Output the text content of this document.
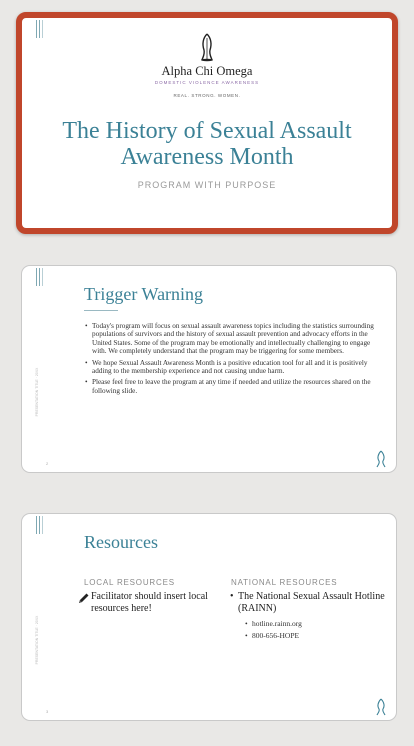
Alpha Chi Omega
DOMESTIC VIOLENCE AWARENESS
REAL. STRONG. WOMEN.
The History of Sexual Assault Awareness Month
PROGRAM WITH PURPOSE
PRESENTATION TITLE · 20XX
Trigger Warning
• Today's program will focus on sexual assault awareness topics including the statistics surrounding populations of survivors and the history of sexual assault prevention and advocacy efforts in the United States. Some of the program may be emotionally and intellectually challenging to engage with. We completely understand that the program may be triggering for some members.
• We hope Sexual Assault Awareness Month is a positive education tool for all and it is positively adding to the membership experience and not causing undue harm.
• Please feel free to leave the program at any time if needed and utilize the resources shared on the following slide.
2
PRESENTATION TITLE · 20XX
Resources
LOCAL RESOURCES	NATIONAL RESOURCES
Facilitator should insert local resources here!
• The National Sexual Assault Hotline (RAINN)
• hotline.rainn.org
• 800-656-HOPE
3
